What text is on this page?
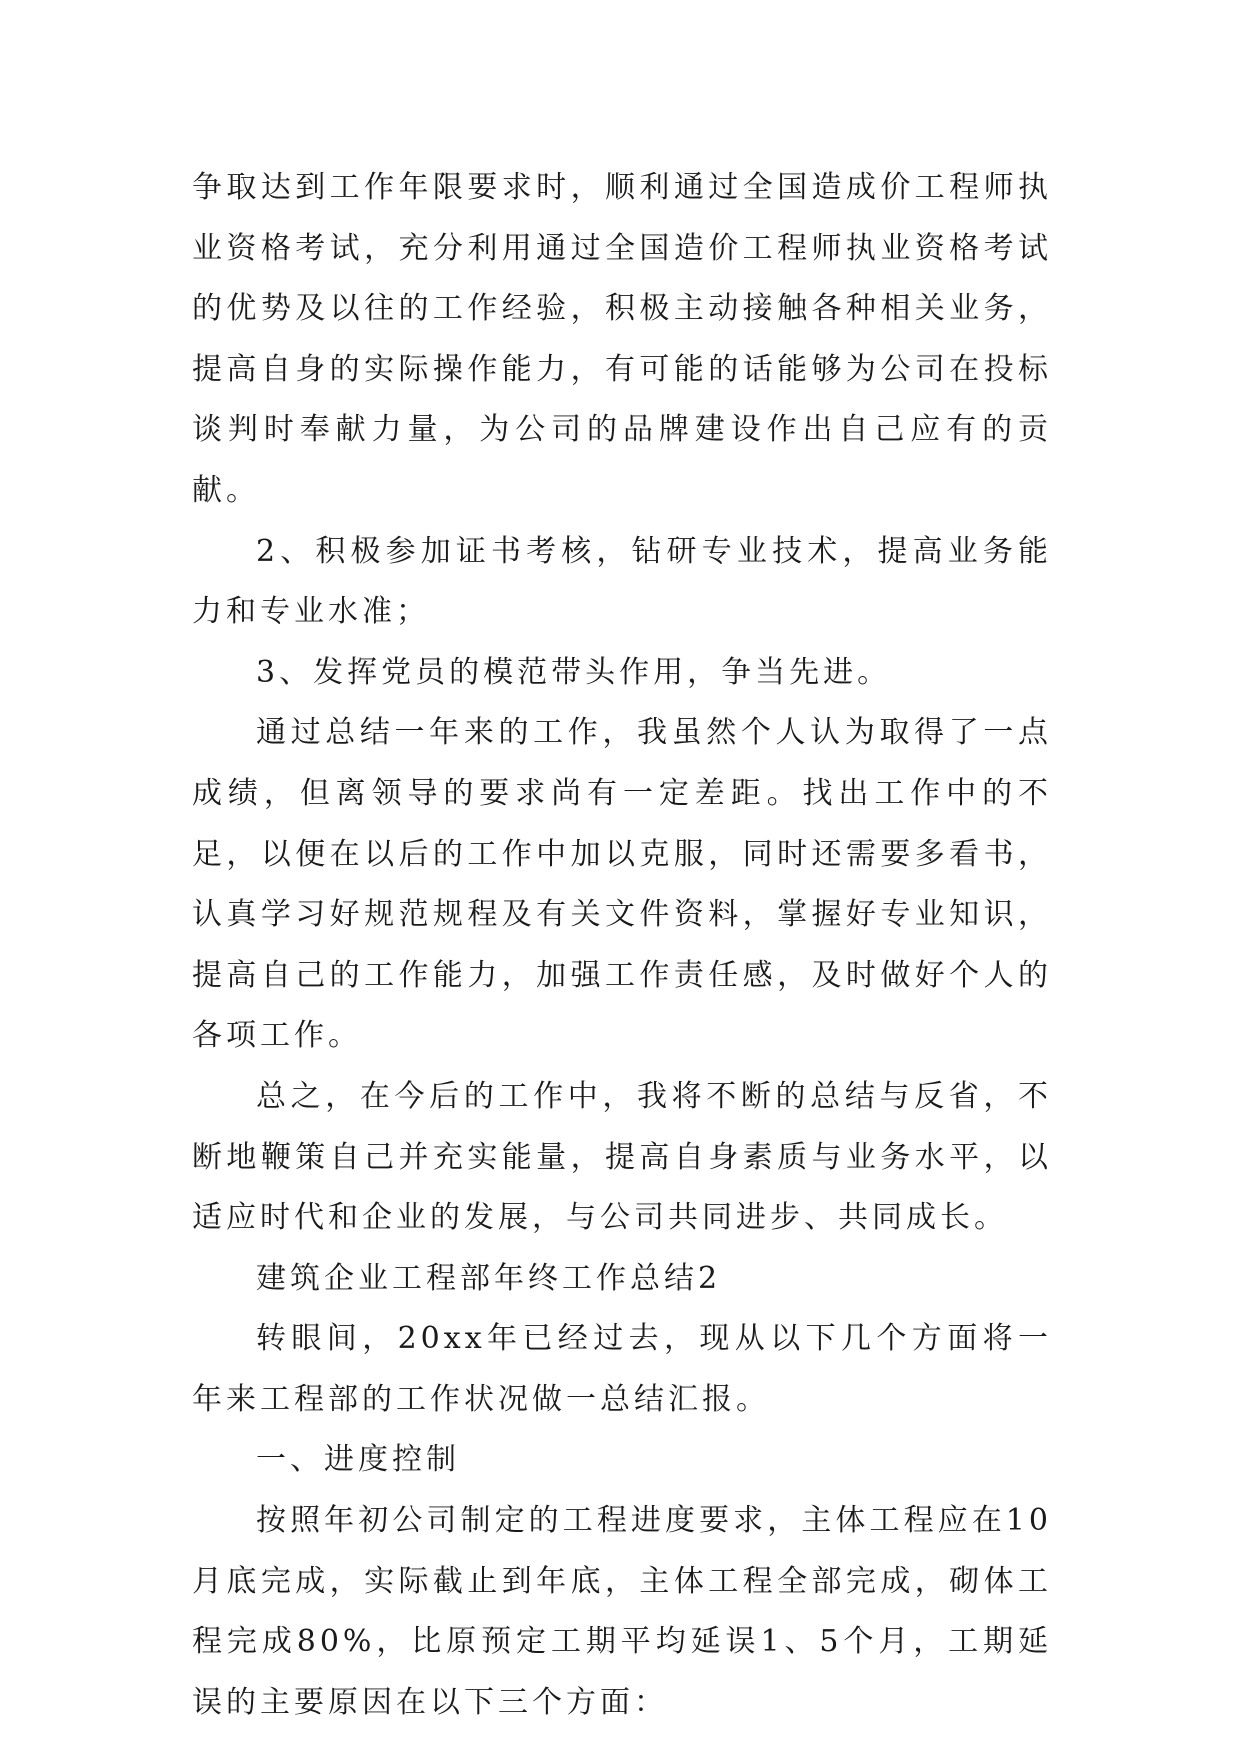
争取达到工作年限要求时，顺利通过全国造成价工程师执业资格考试，充分利用通过全国造价工程师执业资格考试的优势及以往的工作经验，积极主动接触各种相关业务，提高自身的实际操作能力，有可能的话能够为公司在投标谈判时奉献力量，为公司的品牌建设作出自己应有的贡献。

2、积极参加证书考核，钻研专业技术，提高业务能力和专业水准；

3、发挥党员的模范带头作用，争当先进。

通过总结一年来的工作，我虽然个人认为取得了一点成绩，但离领导的要求尚有一定差距。找出工作中的不足，以便在以后的工作中加以克服，同时还需要多看书，认真学习好规范规程及有关文件资料，掌握好专业知识，提高自己的工作能力，加强工作责任感，及时做好个人的各项工作。

总之，在今后的工作中，我将不断的总结与反省，不断地鞭策自己并充实能量，提高自身素质与业务水平，以适应时代和企业的发展，与公司共同进步、共同成长。

建筑企业工程部年终工作总结2

转眼间，20xx年已经过去，现从以下几个方面将一年来工程部的工作状况做一总结汇报。

一、进度控制

按照年初公司制定的工程进度要求，主体工程应在10月底完成，实际截止到年底，主体工程全部完成，砌体工程完成80%，比原预定工期平均延误1、5个月，工期延误的主要原因在以下三个方面：
